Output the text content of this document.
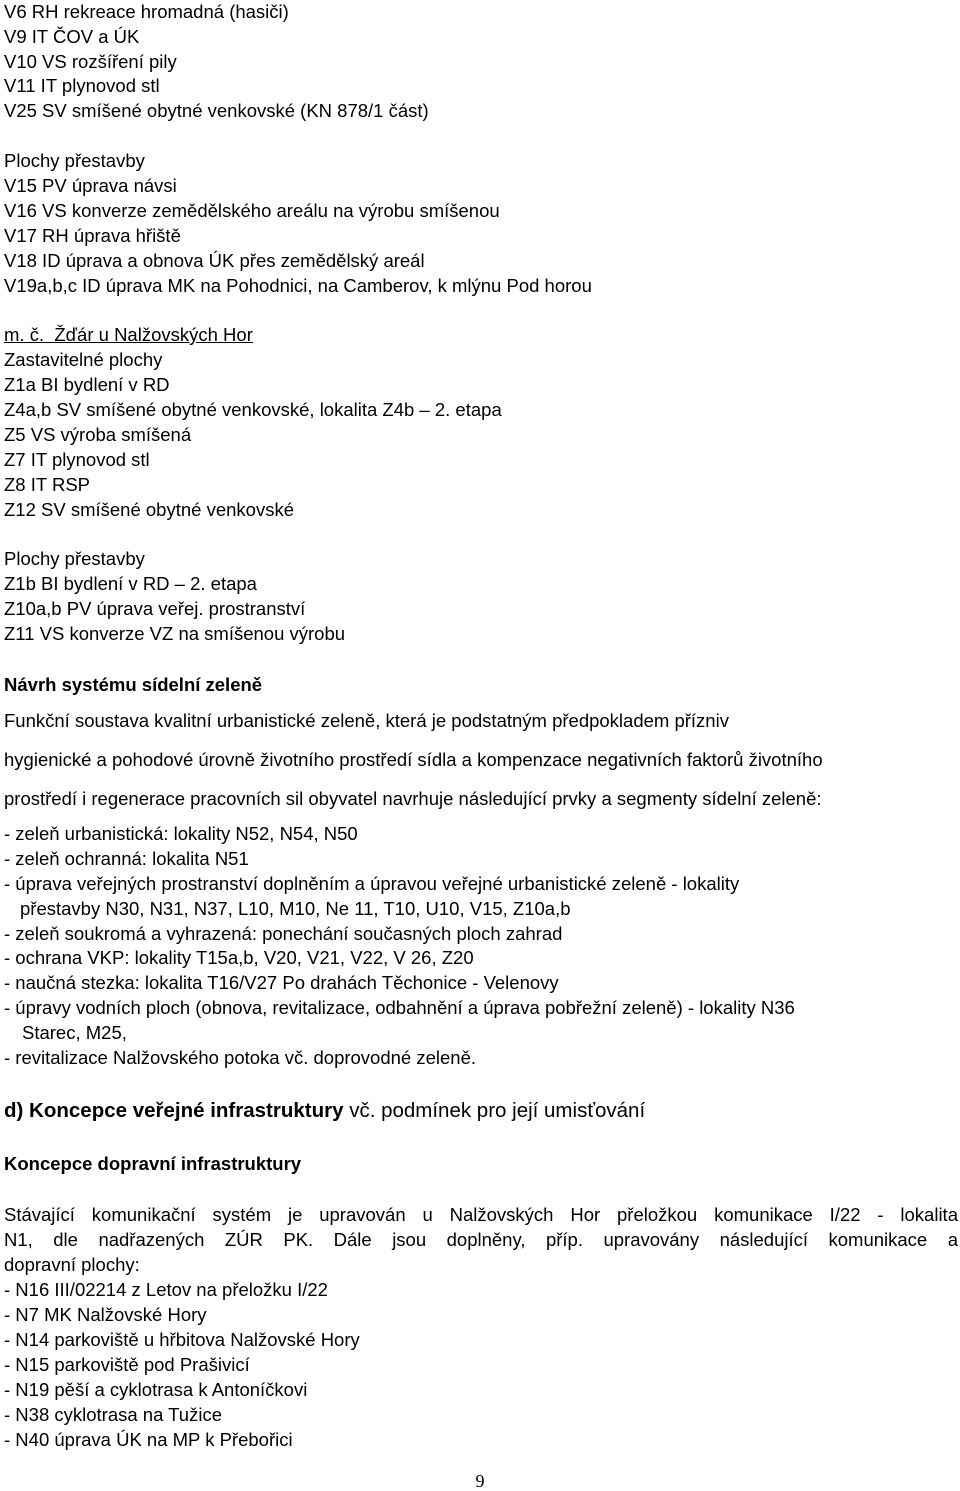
V6 RH rekreace hromadná (hasiči)
V9 IT ČOV a ÚK
V10 VS rozšíření pily
V11 IT plynovod stl
V25 SV smíšené obytné venkovské (KN 878/1 část)
Plochy přestavby
V15 PV úprava návsi
V16 VS konverze zemědělského areálu na výrobu smíšenou
V17 RH úprava hřiště
V18 ID úprava a obnova ÚK přes zemědělský areál
V19a,b,c ID úprava MK na Pohodnici, na Camberov, k mlýnu Pod horou
m. č. Žďár u Nalžovských Hor
Zastavitelné plochy
Z1a BI bydlení v RD
Z4a,b SV smíšené obytné venkovské, lokalita Z4b – 2. etapa
Z5 VS výroba smíšená
Z7 IT plynovod stl
Z8 IT RSP
Z12 SV smíšené obytné venkovské
Plochy přestavby
Z1b BI bydlení v RD – 2. etapa
Z10a,b PV úprava veřej. prostranství
Z11 VS konverze VZ na smíšenou výrobu
Návrh systému sídelní zeleně
Funkční soustava kvalitní urbanistické zeleně, která je podstatným předpokladem přízniv
hygienické a pohodové úrovně životního prostředí sídla a kompenzace negativních faktorů životního
prostředí i regenerace pracovních sil obyvatel navrhuje následující prvky a segmenty sídelní zeleně:
- zeleň urbanistická: lokality N52, N54, N50
- zeleň ochranná: lokalita N51
- úprava veřejných prostranství doplněním a úpravou veřejné urbanistické zeleně - lokality
přestavby N30, N31, N37, L10, M10, Ne 11, T10, U10, V15, Z10a,b
- zeleň soukromá a vyhrazená: ponechání současných ploch zahrad
- ochrana VKP: lokality T15a,b, V20, V21, V22, V 26, Z20
- naučná stezka: lokalita T16/V27 Po drahách Těchonice - Velenovy
- úpravy vodních ploch (obnova, revitalizace, odbahnění a úprava pobřežní zeleně) - lokality N36
Starec, M25,
- revitalizace Nalžovského potoka vč. doprovodné zeleně.
d) Koncepce veřejné infrastruktury vč. podmínek pro její umisťování
Koncepce dopravní infrastruktury
Stávající komunikační systém je upravován u Nalžovských Hor přeložkou komunikace I/22 - lokalita
N1, dle nadřazených ZÚR PK. Dále jsou doplněny, příp. upravovány následující komunikace a
dopravní plochy:
- N16 III/02214 z Letov na přeložku I/22
- N7 MK Nalžovské Hory
- N14 parkoviště u hřbitova Nalžovské Hory
- N15 parkoviště pod Prašivicí
- N19 pěší a cyklotrasa k Antoníčkovi
- N38 cyklotrasa na Tužice
- N40 úprava ÚK na MP k Přebořici
9
